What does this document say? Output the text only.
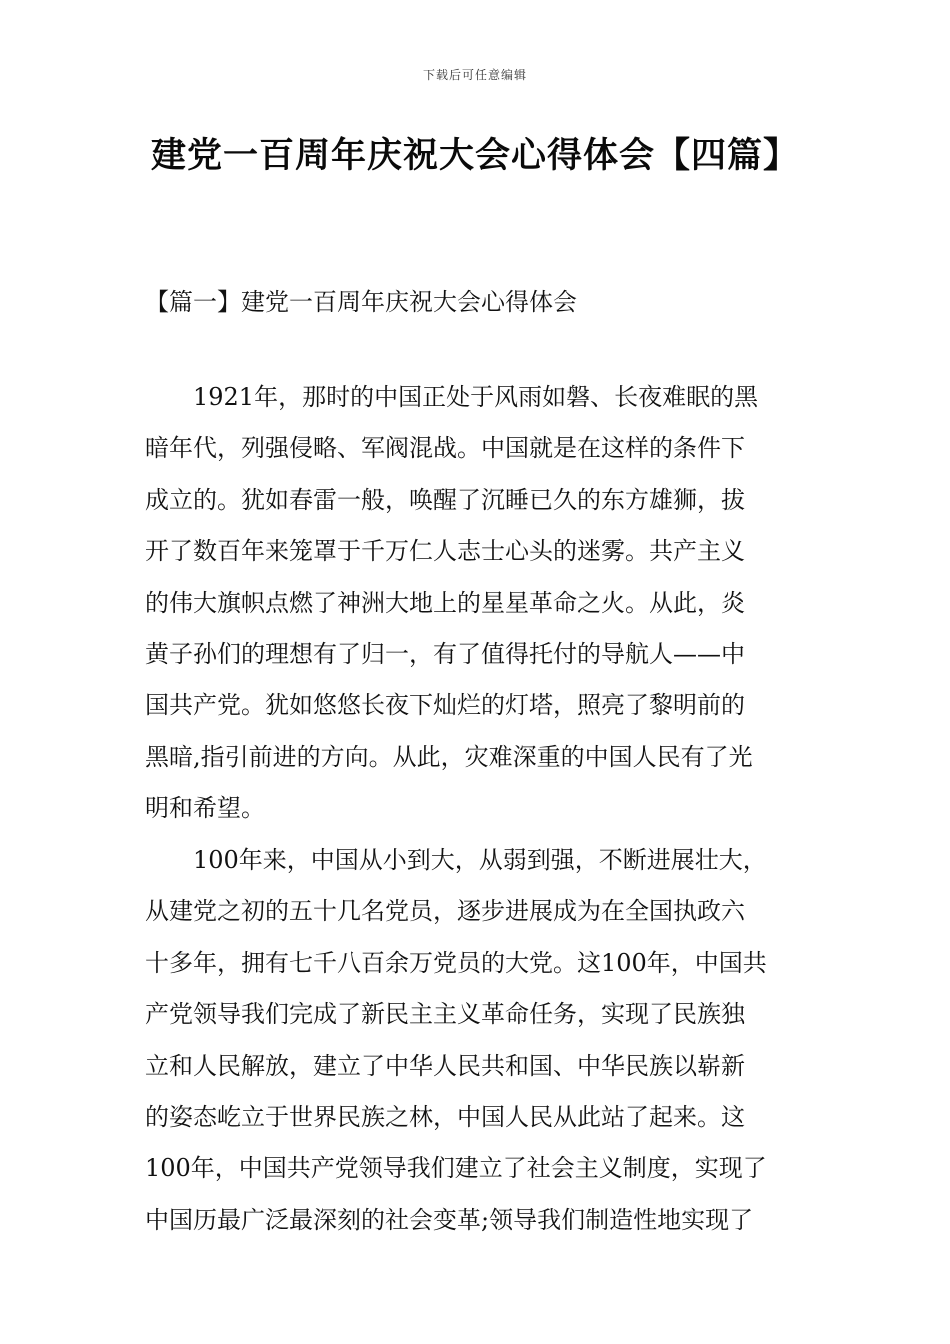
下载后可任意编辑
建党一百周年庆祝大会心得体会【四篇】
【篇一】建党一百周年庆祝大会心得体会
1921年，那时的中国正处于风雨如磐、长夜难眠的黑
暗年代，列强侵略、军阀混战。中国就是在这样的条件下
成立的。犹如春雷一般，唤醒了沉睡已久的东方雄狮，拔
开了数百年来笼罩于千万仁人志士心头的迷雾。共产主义
的伟大旗帜点燃了神洲大地上的星星革命之火。从此，炎
黄子孙们的理想有了归一，有了值得托付的导航人——中
国共产党。犹如悠悠长夜下灿烂的灯塔，照亮了黎明前的
黑暗,指引前进的方向。从此，灾难深重的中国人民有了光
明和希望。
100年来，中国从小到大，从弱到强，不断进展壮大，
从建党之初的五十几名党员，逐步进展成为在全国执政六
十多年，拥有七千八百余万党员的大党。这100年，中国共
产党领导我们完成了新民主主义革命任务，实现了民族独
立和人民解放，建立了中华人民共和国、中华民族以崭新
的姿态屹立于世界民族之林，中国人民从此站了起来。这
100年，中国共产党领导我们建立了社会主义制度，实现了
中国历最广泛最深刻的社会变革;领导我们制造性地实现了
